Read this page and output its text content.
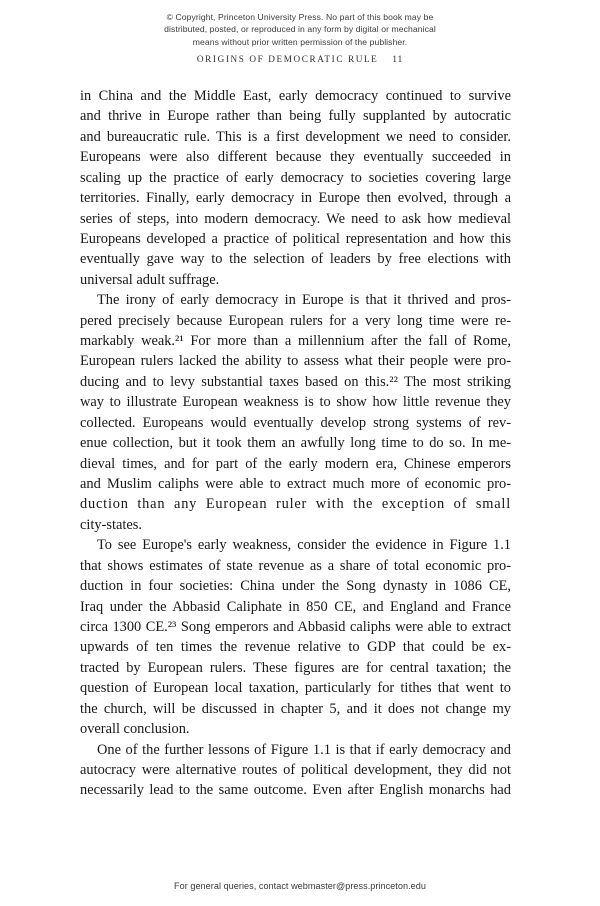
© Copyright, Princeton University Press. No part of this book may be
distributed, posted, or reproduced in any form by digital or mechanical
means without prior written permission of the publisher.
ORIGINS OF DEMOCRATIC RULE 11

in China and the Middle East, early democracy continued to survive
and thrive in Europe rather than being fully supplanted by autocratic
and bureaucratic rule. This is a first development we need to consider.
Europeans were also different because they eventually succeeded in
scaling up the practice of early democracy to societies covering large
territories. Finally, early democracy in Europe then evolved, through a
series of steps, into modern democracy. We need to ask how medieval
Europeans developed a practice of political representation and how this
eventually gave way to the selection of leaders by free elections with
universal adult suffrage.

The irony of early democracy in Europe is that it thrived and pros-
pered precisely because European rulers for a very long time were re-
markably weak.²¹ For more than a millennium after the fall of Rome,
European rulers lacked the ability to assess what their people were pro-
ducing and to levy substantial taxes based on this.²² The most striking
way to illustrate European weakness is to show how little revenue they
collected. Europeans would eventually develop strong systems of rev-
enue collection, but it took them an awfully long time to do so. In me-
dieval times, and for part of the early modern era, Chinese emperors
and Muslim caliphs were able to extract much more of economic pro-
duction than any European ruler with the exception of small
city-states.

To see Europe's early weakness, consider the evidence in Figure 1.1
that shows estimates of state revenue as a share of total economic pro-
duction in four societies: China under the Song dynasty in 1086 CE,
Iraq under the Abbasid Caliphate in 850 CE, and England and France
circa 1300 CE.²³ Song emperors and Abbasid caliphs were able to extract
upwards of ten times the revenue relative to GDP that could be ex-
tracted by European rulers. These figures are for central taxation; the
question of European local taxation, particularly for tithes that went to
the church, will be discussed in chapter 5, and it does not change my
overall conclusion.

One of the further lessons of Figure 1.1 is that if early democracy and
autocracy were alternative routes of political development, they did not
necessarily lead to the same outcome. Even after English monarchs had

For general queries, contact webmaster@press.princeton.edu
